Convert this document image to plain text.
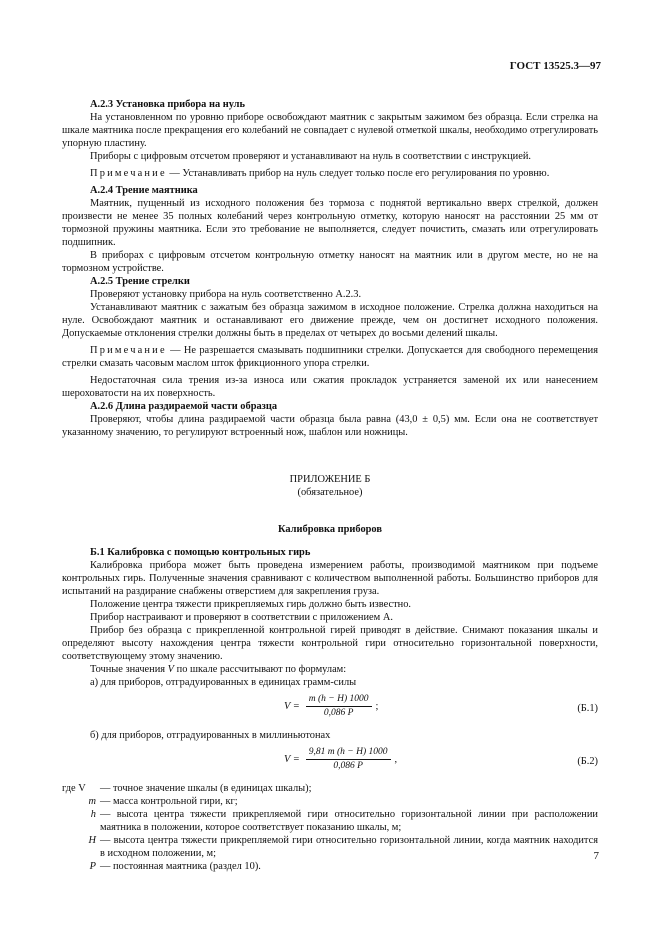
ГОСТ 13525.3—97

А.2.3 Установка прибора на нуль

На установленном по уровню приборе освобождают маятник с закрытым зажимом без образца. Если стрелка на шкале маятника после прекращения его колебаний не совпадает с нулевой отметкой шкалы, необходимо отрегулировать упорную пластину.

Приборы с цифровым отсчетом проверяют и устанавливают на нуль в соответствии с инструкцией.

Примечание — Устанавливать прибор на нуль следует только после его регулирования по уровню.

А.2.4 Трение маятника

Маятник, пущенный из исходного положения без тормоза с поднятой вертикально вверх стрелкой, должен произвести не менее 35 полных колебаний через контрольную отметку, которую наносят на расстоянии 25 мм от тормозной пружины маятника. Если это требование не выполняется, следует почистить, смазать или отрегулировать подшипник.

В приборах с цифровым отсчетом контрольную отметку наносят на маятник или в другом месте, но не на тормозном устройстве.

А.2.5 Трение стрелки

Проверяют установку прибора на нуль соответственно А.2.3.

Устанавливают маятник с зажатым без образца зажимом в исходное положение. Стрелка должна находиться на нуле. Освобождают маятник и останавливают его движение прежде, чем он достигнет исходного положения. Допускаемые отклонения стрелки должны быть в пределах от четырех до восьми делений шкалы.

Примечание — Не разрешается смазывать подшипники стрелки. Допускается для свободного перемещения стрелки смазать часовым маслом шток фрикционного упора стрелки.

Недостаточная сила трения из-за износа или сжатия прокладок устраняется заменой их или нанесением шероховатости на их поверхность.

А.2.6 Длина раздираемой части образца

Проверяют, чтобы длина раздираемой части образца была равна (43,0 ± 0,5) мм. Если она не соответствует указанному значению, то регулируют встроенный нож, шаблон или ножницы.

ПРИЛОЖЕНИЕ Б

(обязательное)

Калибровка приборов

Б.1 Калибровка с помощью контрольных гирь

Калибровка прибора может быть проведена измерением работы, производимой маятником при подъеме контрольных гирь. Полученные значения сравнивают с количеством выполненной работы. Большинство приборов для испытаний на раздирание снабжены отверстием для закрепления груза.

Положение центра тяжести прикрепляемых гирь должно быть известно.

Прибор настраивают и проверяют в соответствии с приложением А.

Прибор без образца с прикрепленной контрольной гирей приводят в действие. Снимают показания шкалы и определяют высоту нахождения центра тяжести контрольной гири относительно горизонтальной поверхности, соответствующему этому значению.

Точные значения V по шкале рассчитывают по формулам:

а) для приборов, отградуированных в единицах грамм-силы

$V = \frac{m (h - H) 1000}{0,086 P}$ ;	(Б.1)

б) для приборов, отградуированных в миллиньютонах

$V = \frac{9,81 m (h - H) 1000}{0,086 P}$ ,	(Б.2)
где V	— точное значение шкалы (в единицах шкалы);
m — масса контрольной гири, кг;
h — высота центра тяжести прикрепляемой гири относительно горизонтальной линии при расположении маятника в положении, которое соответствует показанию шкалы, м;
H — высота центра тяжести прикрепляемой гири относительно горизонтальной линии, когда маятник находится в исходном положении, м;
P — постоянная маятника (раздел 10).
7
